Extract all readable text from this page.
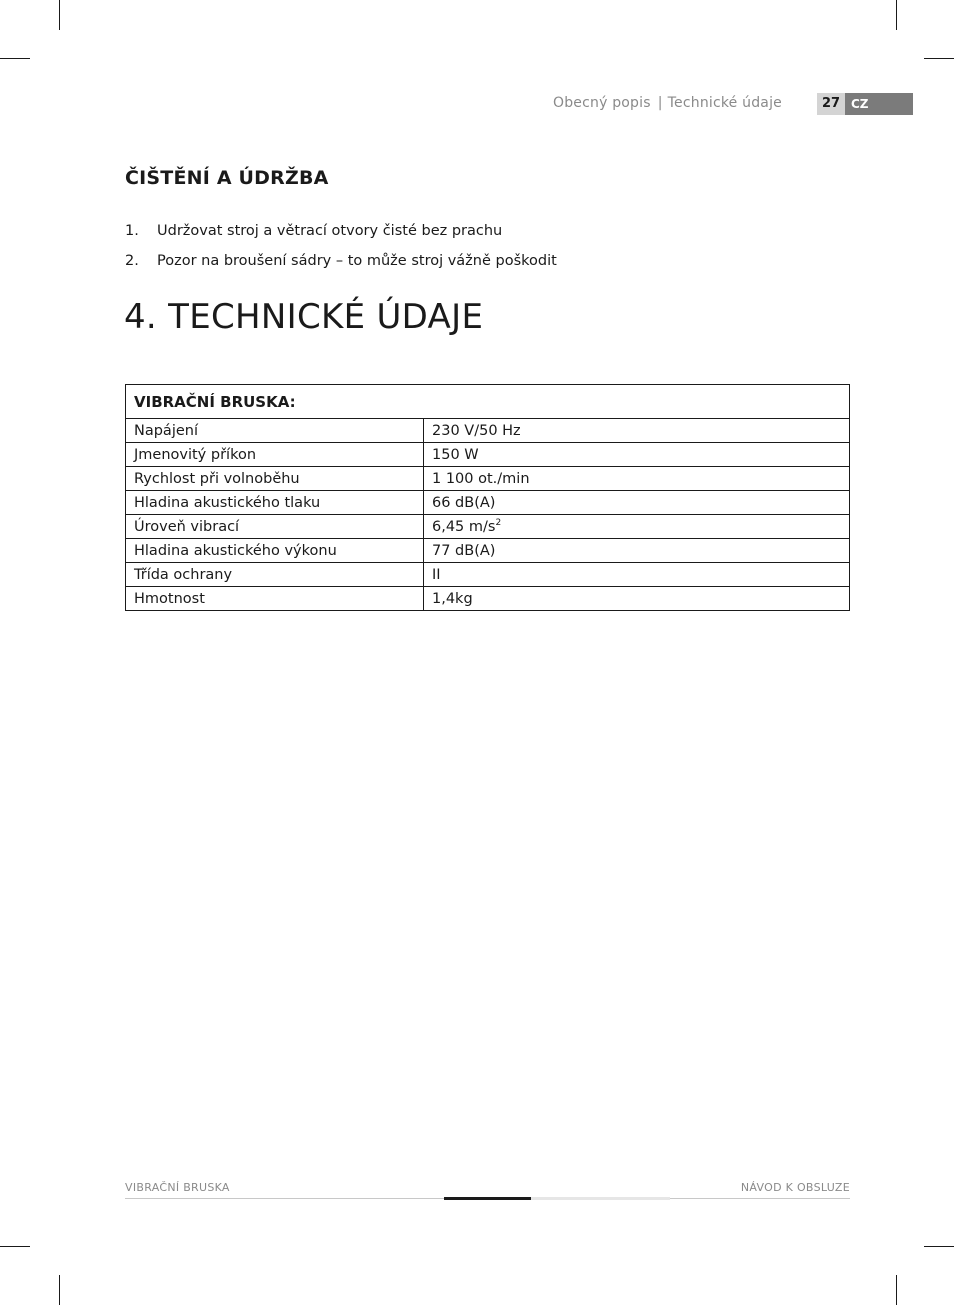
Obecný popis | Technické údaje	27 CZ
ČIŠTĚNÍ A ÚDRŽBA
1.	Udržovat stroj a větrací otvory čisté bez prachu
2.	Pozor na broušení sádry – to může stroj vážně poškodit
4. TECHNICKÉ ÚDAJE
VIBRAČNÍ BRUSKA:	
Napájení	230 V/50 Hz
Jmenovitý příkon	150 W
Rychlost při volnoběhu	1 100 ot./min
Hladina akustického tlaku	66 dB(A)
Úroveň vibrací	6,45 $m/s^2$
Hladina akustického výkonu	77 dB(A)
Třída ochrany	II
Hmotnost	1,4kg
VIBRAČNÍ BRUSKA	NÁVOD K OBSLUZE
